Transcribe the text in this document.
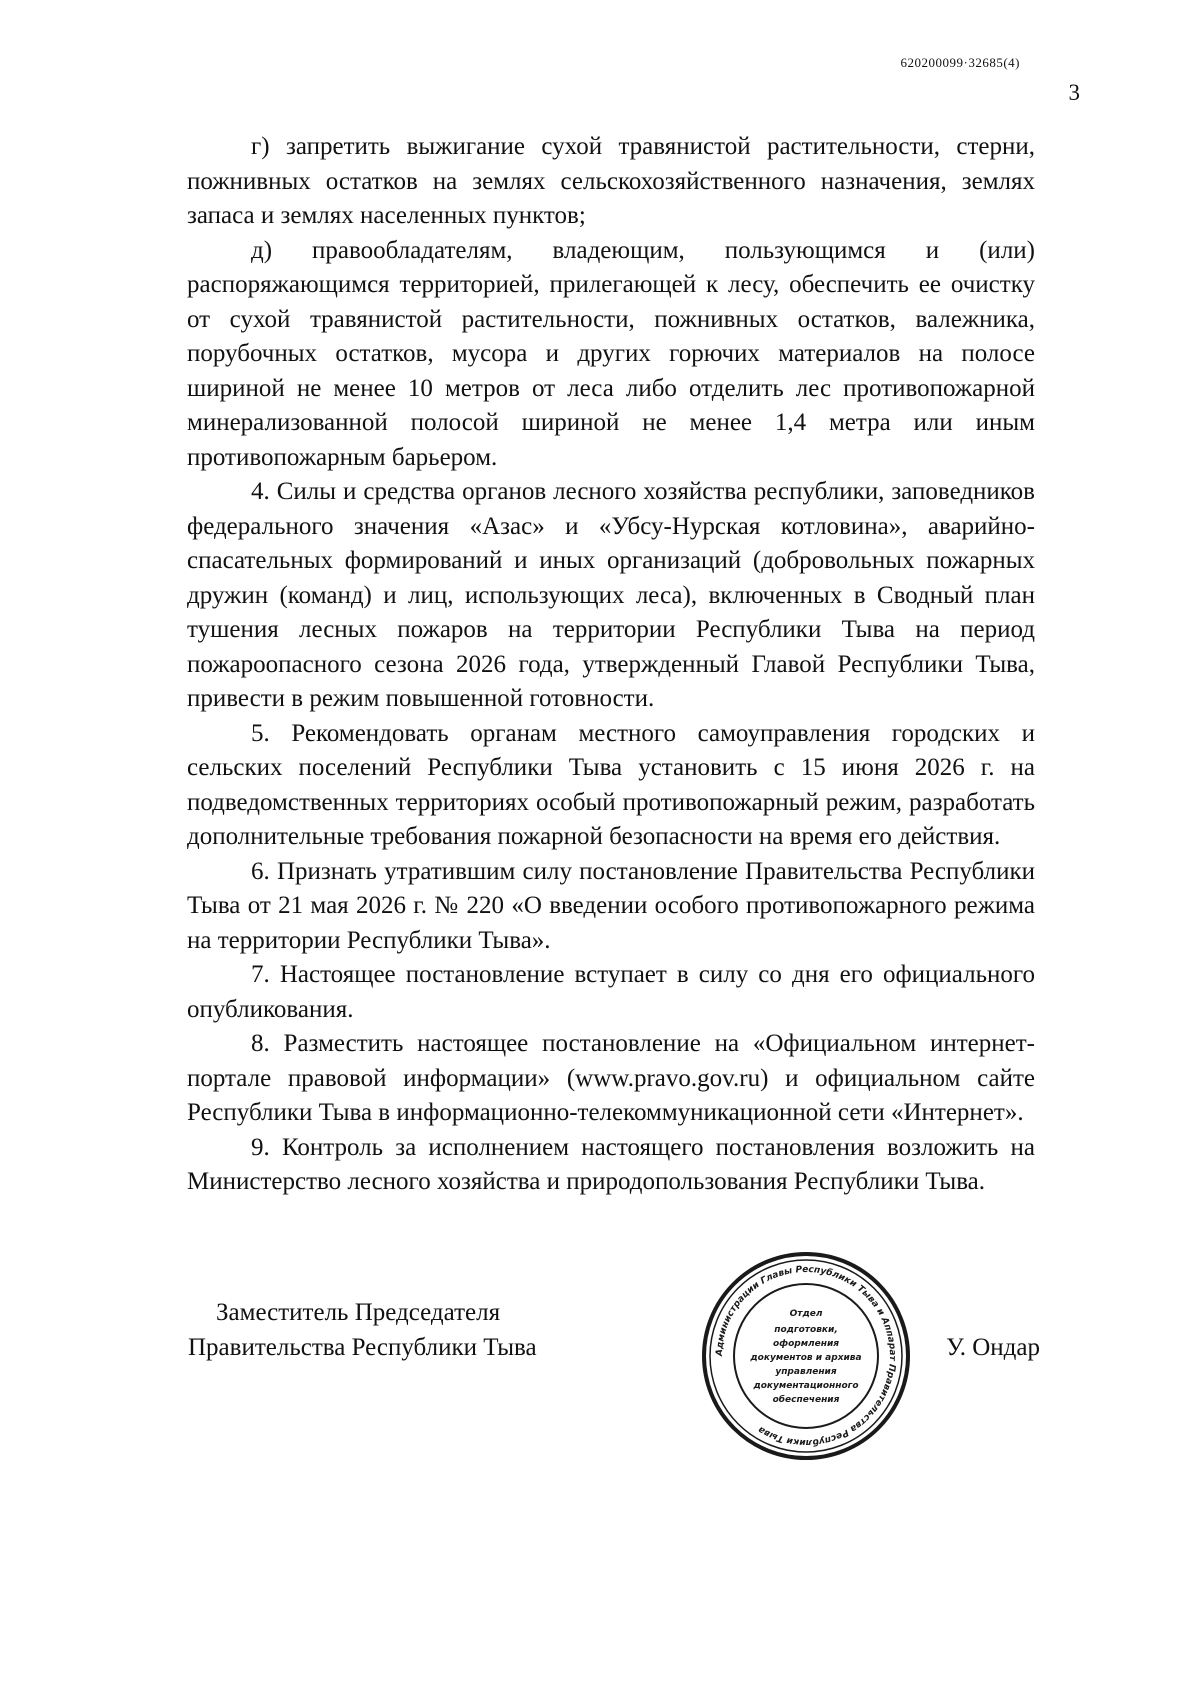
620200099·32685(4)
3

г) запретить выжигание сухой травянистой растительности, стерни, пожнивных остатков на землях сельскохозяйственного назначения, землях запаса и землях населенных пунктов;

д) правообладателям, владеющим, пользующимся и (или) распоряжающимся территорией, прилегающей к лесу, обеспечить ее очистку от сухой травянистой растительности, пожнивных остатков, валежника, порубочных остатков, мусора и других горючих материалов на полосе шириной не менее 10 метров от леса либо отделить лес противопожарной минерализованной полосой шириной не менее 1,4 метра или иным противопожарным барьером.

4. Силы и средства органов лесного хозяйства республики, заповедников федерального значения «Азас» и «Убсу-Нурская котловина», аварийно-спасательных формирований и иных организаций (добровольных пожарных дружин (команд) и лиц, использующих леса), включенных в Сводный план тушения лесных пожаров на территории Республики Тыва на период пожароопасного сезона 2026 года, утвержденный Главой Республики Тыва, привести в режим повышенной готовности.

5. Рекомендовать органам местного самоуправления городских и сельских поселений Республики Тыва установить с 15 июня 2026 г. на подведомственных территориях особый противопожарный режим, разработать дополнительные требования пожарной безопасности на время его действия.

6. Признать утратившим силу постановление Правительства Республики Тыва от 21 мая 2026 г. № 220 «О введении особого противопожарного режима на территории Республики Тыва».

7. Настоящее постановление вступает в силу со дня его официального опубликования.

8. Разместить настоящее постановление на «Официальном интернет-портале правовой информации» (www.pravo.gov.ru) и официальном сайте Республики Тыва в информационно-телекоммуникационной сети «Интернет».

9. Контроль за исполнением настоящего постановления возложить на Министерство лесного хозяйства и природопользования Республики Тыва.

Заместитель Председателя
Правительства Республики Тыва	У. Ондар
Администрации Главы Республики Тыва и Аппарат Правительства Республики Тыва
Отдел
подготовки,
оформления
документов и архива
управления
документационного
обеспечения
